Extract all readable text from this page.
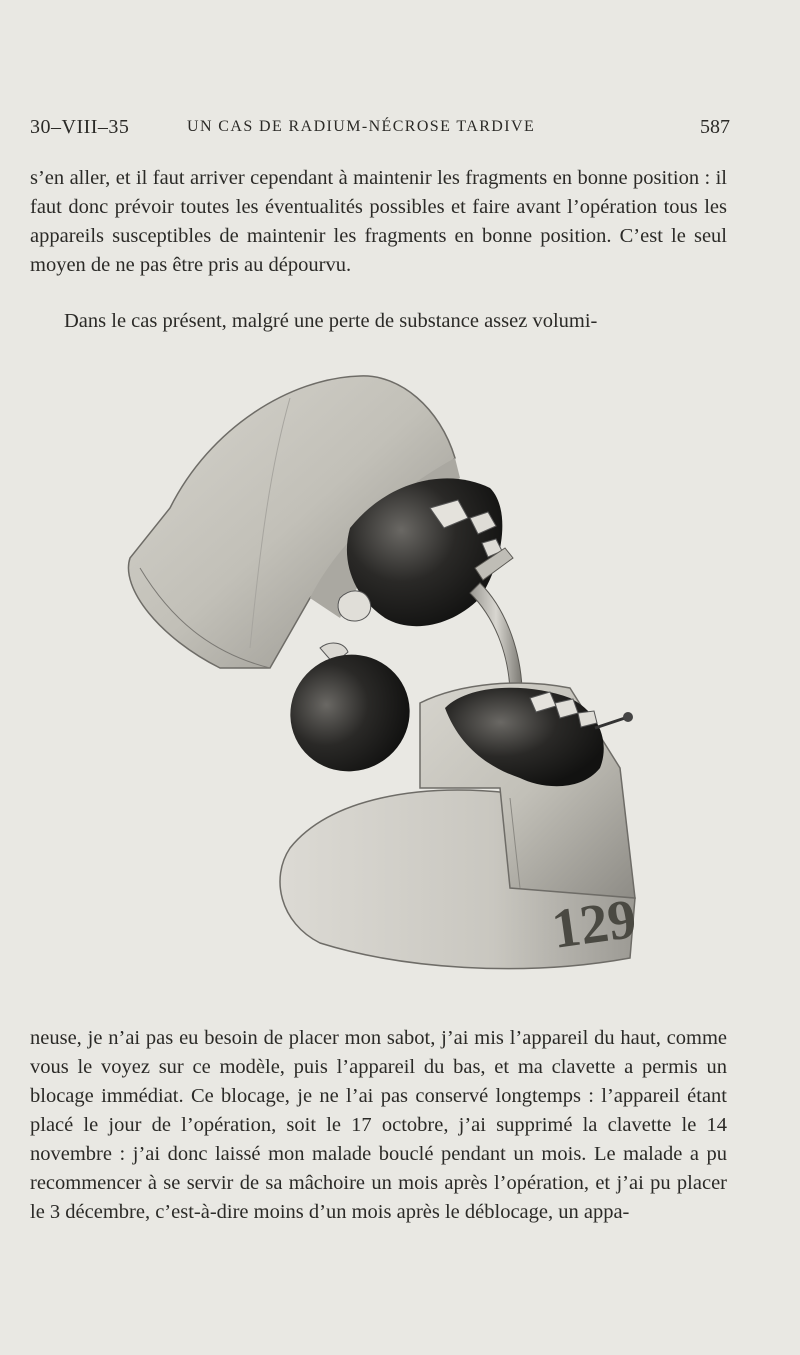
30–VIII–35	UN CAS DE RADIUM-NÉCROSE TARDIVE	587

s’en aller, et il faut arriver cependant à maintenir les fragments en bonne position : il faut donc prévoir toutes les éventualités possibles et faire avant l’opération tous les appareils susceptibles de maintenir les fragments en bonne position. C’est le seul moyen de ne pas être pris au dépourvu.

Dans le cas présent, malgré une perte de substance assez volumi-

129

neuse, je n’ai pas eu besoin de placer mon sabot, j’ai mis l’appareil du haut, comme vous le voyez sur ce modèle, puis l’appareil du bas, et ma clavette a permis un blocage immédiat. Ce blocage, je ne l’ai pas conservé longtemps : l’appareil étant placé le jour de l’opération, soit le 17 octobre, j’ai supprimé la clavette le 14 novembre : j’ai donc laissé mon malade bouclé pendant un mois. Le malade a pu recommencer à se servir de sa mâchoire un mois après l’opération, et j’ai pu placer le 3 décembre, c’est-à-dire moins d’un mois après le déblocage, un appa-
